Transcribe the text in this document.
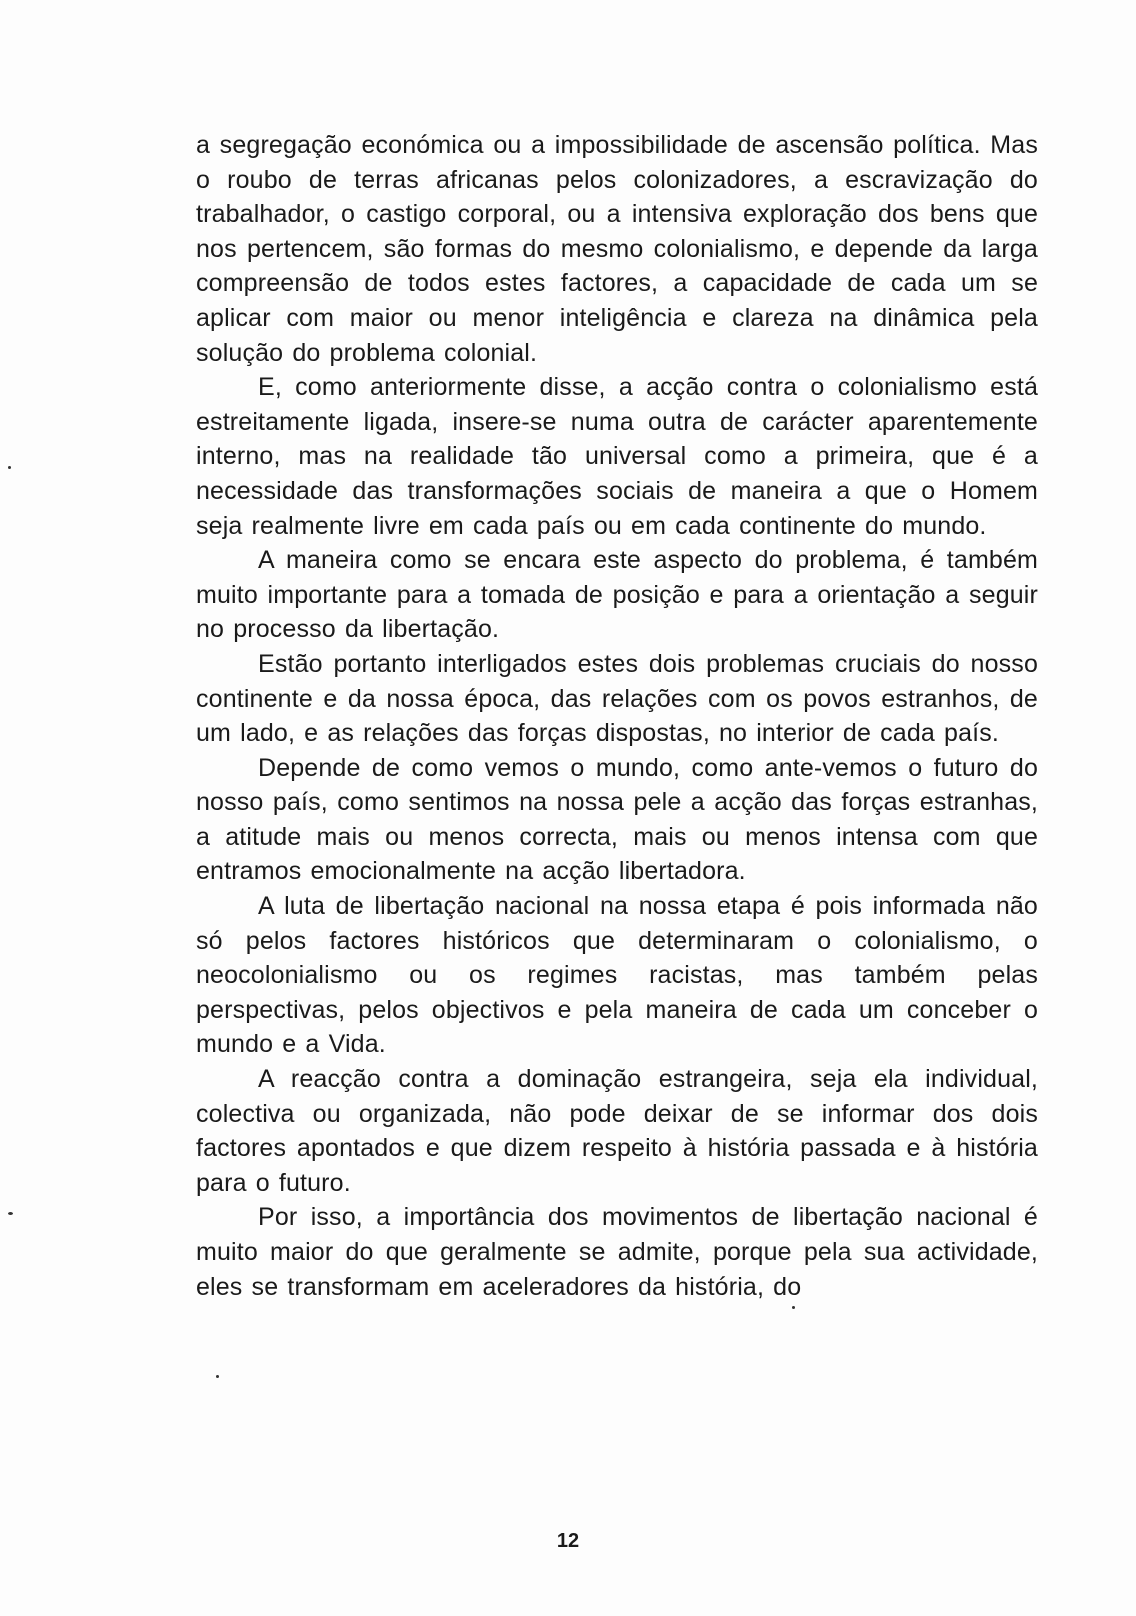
a segregação económica ou a impossibilidade de ascensão política. Mas o roubo de terras africanas pelos colonizadores, a escravização do trabalhador, o castigo corporal, ou a intensiva exploração dos bens que nos pertencem, são formas do mesmo colonialismo, e depende da larga compreensão de todos estes factores, a capacidade de cada um se aplicar com maior ou menor inteligência e clareza na dinâmica pela solução do problema colonial.

E, como anteriormente disse, a acção contra o colonialismo está estreitamente ligada, insere-se numa outra de carácter aparentemente interno, mas na realidade tão universal como a primeira, que é a necessidade das transformações sociais de maneira a que o Homem seja realmente livre em cada país ou em cada continente do mundo.

A maneira como se encara este aspecto do problema, é também muito importante para a tomada de posição e para a orientação a seguir no processo da libertação.

Estão portanto interligados estes dois problemas cruciais do nosso continente e da nossa época, das relações com os povos estranhos, de um lado, e as relações das forças dispostas, no interior de cada país.

Depende de como vemos o mundo, como ante-vemos o futuro do nosso país, como sentimos na nossa pele a acção das forças estranhas, a atitude mais ou menos correcta, mais ou menos intensa com que entramos emocionalmente na acção libertadora.

A luta de libertação nacional na nossa etapa é pois informada não só pelos factores históricos que determinaram o colonialismo, o neocolonialismo ou os regimes racistas, mas também pelas perspectivas, pelos objectivos e pela maneira de cada um conceber o mundo e a Vida.

A reacção contra a dominação estrangeira, seja ela individual, colectiva ou organizada, não pode deixar de se informar dos dois factores apontados e que dizem respeito à história passada e à história para o futuro.

Por isso, a importância dos movimentos de libertação nacional é muito maior do que geralmente se admite, porque pela sua actividade, eles se transformam em aceleradores da história, do

12
